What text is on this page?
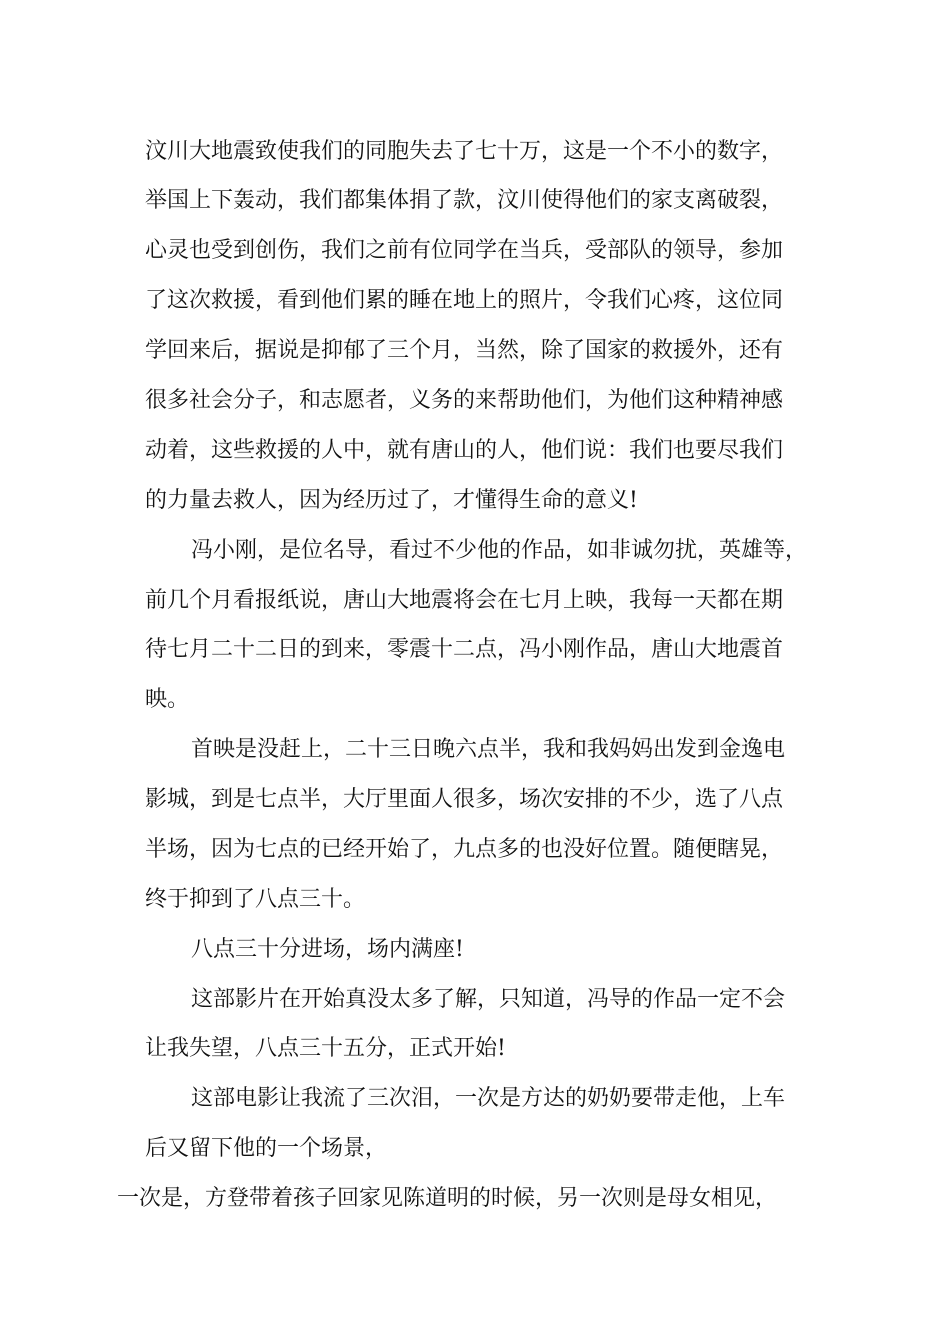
汶川大地震致使我们的同胞失去了七十万，这是一个不小的数字，
举国上下轰动，我们都集体捐了款，汶川使得他们的家支离破裂，
心灵也受到创伤，我们之前有位同学在当兵，受部队的领导，参加
了这次救援，看到他们累的睡在地上的照片，令我们心疼，这位同
学回来后，据说是抑郁了三个月，当然，除了国家的救援外，还有
很多社会分子，和志愿者，义务的来帮助他们，为他们这种精神感
动着，这些救援的人中，就有唐山的人，他们说：我们也要尽我们
的力量去救人，因为经历过了，才懂得生命的意义!
冯小刚，是位名导，看过不少他的作品，如非诚勿扰，英雄等，
前几个月看报纸说，唐山大地震将会在七月上映，我每一天都在期
待七月二十二日的到来，零震十二点，冯小刚作品，唐山大地震首
映。
首映是没赶上，二十三日晚六点半，我和我妈妈出发到金逸电
影城，到是七点半，大厅里面人很多，场次安排的不少，选了八点
半场，因为七点的已经开始了，九点多的也没好位置。随便瞎晃，
终于抑到了八点三十。
八点三十分进场，场内满座!
这部影片在开始真没太多了解，只知道，冯导的作品一定不会
让我失望，八点三十五分，正式开始!
这部电影让我流了三次泪，一次是方达的奶奶要带走他，上车
后又留下他的一个场景，
一次是，方登带着孩子回家见陈道明的时候，另一次则是母女相见，
